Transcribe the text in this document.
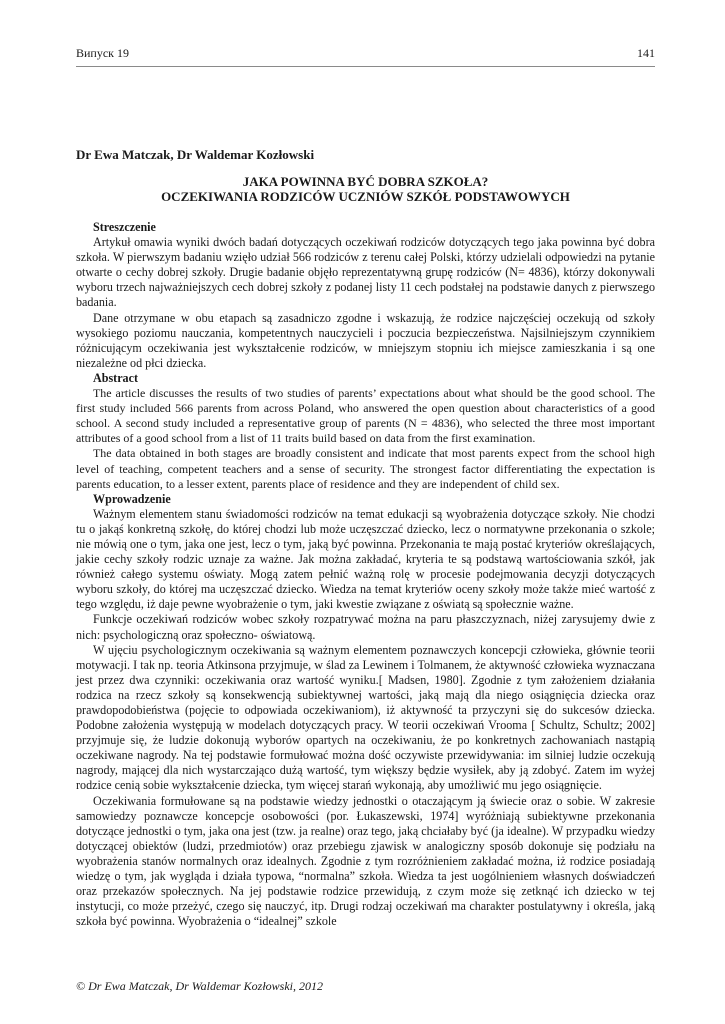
Випуск 19	141
Dr Ewa Matczak, Dr Waldemar Kozłowski
JAKA POWINNA BYĆ DOBRA SZKOŁA?
OCZEKIWANIA RODZICÓW UCZNIÓW SZKÓŁ PODSTAWOWYCH
Streszczenie

Artykuł omawia wyniki dwóch badań dotyczących oczekiwań rodziców dotyczących tego jaka powinna być dobra szkoła. W pierwszym badaniu wzięło udział 566 rodziców z terenu całej Polski, którzy udzielali odpowiedzi na pytanie otwarte o cechy dobrej szkoły. Drugie badanie objęło reprezentatywną grupę rodziców (N= 4836), którzy dokonywali wyboru trzech najważniejszych cech dobrej szkoły z podanej listy 11 cech podstałej na podstawie danych z pierwszego badania.

Dane otrzymane w obu etapach są zasadniczo zgodne i wskazują, że rodzice najczęściej oczekują od szkoły wysokiego poziomu nauczania, kompetentnych nauczycieli i poczucia bezpieczeństwa. Najsilniejszym czynnikiem różnicującym oczekiwania jest wykształcenie rodziców, w mniejszym stopniu ich miejsce zamieszkania i są one niezależne od płci dziecka.

Abstract

The article discusses the results of two studies of parents’ expectations about what should be the good school. The first study included 566 parents from across Poland, who answered the open question about characteristics of a good school. A second study included a representative group of parents (N = 4836), who selected the three most important attributes of a good school from a list of 11 traits build based on data from the first examination.

The data obtained in both stages are broadly consistent and indicate that most parents expect from the school high level of teaching, competent teachers and a sense of security. The strongest factor differentiating the expectation is parents education, to a lesser extent, parents place of residence and they are independent of child sex.

Wprowadzenie

Ważnym elementem stanu świadomości rodziców na temat edukacji są wyobrażenia dotyczące szkoły. Nie chodzi tu o jakąś konkretną szkołę, do której chodzi lub może uczęszczać dziecko, lecz o normatywne przekonania o szkole; nie mówią one o tym, jaka one jest, lecz o tym, jaką być powinna. Przekonania te mają postać kryteriów określających, jakie cechy szkoły rodzic uznaje za ważne. Jak można zakładać, kryteria te są podstawą wartościowania szkół, jak również całego systemu oświaty. Mogą zatem pełnić ważną rolę w procesie podejmowania decyzji dotyczących wyboru szkoły, do której ma uczęszczać dziecko. Wiedza na temat kryteriów oceny szkoły może także mieć wartość z tego względu, iż daje pewne wyobrażenie o tym, jaki kwestie związane z oświatą są społecznie ważne.

Funkcje oczekiwań rodziców wobec szkoły rozpatrywać można na paru płaszczyznach, niżej zarysujemy dwie z nich: psychologiczną oraz społeczno- oświatową.

W ujęciu psychologicznym oczekiwania są ważnym elementem poznawczych koncepcji człowieka, głównie teorii motywacji. I tak np. teoria Atkinsona przyjmuje, w ślad za Lewinem i Tolmanem, że aktywność człowieka wyznaczana jest przez dwa czynniki: oczekiwania oraz wartość wyniku.[ Madsen, 1980]. Zgodnie z tym założeniem działania rodzica na rzecz szkoły są konsekwencją subiektywnej wartości, jaką mają dla niego osiągnięcia dziecka oraz prawdopodobieństwa (pojęcie to odpowiada oczekiwaniom), iż aktywność ta przyczyni się do sukcesów dziecka. Podobne założenia występują w modelach dotyczących pracy. W teorii oczekiwań Vrooma [ Schultz, Schultz; 2002] przyjmuje się, że ludzie dokonują wyborów opartych na oczekiwaniu, że po konkretnych zachowaniach nastąpią oczekiwane nagrody. Na tej podstawie formułować można dość oczywiste przewidywania: im silniej ludzie oczekują nagrody, mającej dla nich wystarczająco dużą wartość, tym większy będzie wysiłek, aby ją zdobyć. Zatem im wyżej rodzice cenią sobie wykształcenie dziecka, tym więcej starań wykonają, aby umożliwić mu jego osiągnięcie.

Oczekiwania formułowane są na podstawie wiedzy jednostki o otaczającym ją świecie oraz o sobie. W zakresie samowiedzy poznawcze koncepcje osobowości (por. Łukaszewski, 1974] wyróżniają subiektywne przekonania dotyczące jednostki o tym, jaka ona jest (tzw. ja realne) oraz tego, jaką chciałaby być (ja idealne). W przypadku wiedzy dotyczącej obiektów (ludzi, przedmiotów) oraz przebiegu zjawisk w analogiczny sposób dokonuje się podziału na wyobrażenia stanów normalnych oraz idealnych. Zgodnie z tym rozróżnieniem zakładać można, iż rodzice posiadają wiedzę o tym, jak wygląda i działa typowa, “normalna” szkoła. Wiedza ta jest uogólnieniem własnych doświadczeń oraz przekazów społecznych. Na jej podstawie rodzice przewidują, z czym może się zetknąć ich dziecko w tej instytucji, co może przeżyć, czego się nauczyć, itp. Drugi rodzaj oczekiwań ma charakter postulatywny i określa, jaką szkoła być powinna. Wyobrażenia o “idealnej” szkole

© Dr Ewa Matczak, Dr Waldemar Kozłowski, 2012
